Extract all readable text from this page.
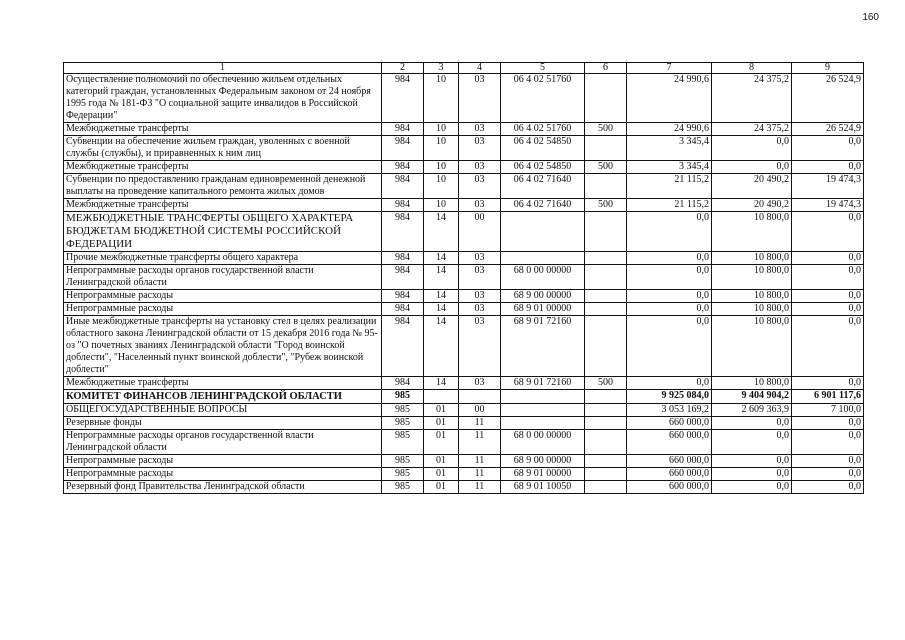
160
1	2	3	4	5	6	7	8	9
Осуществление полномочий по обеспечению жильем отдельных категорий граждан, установленных Федеральным законом от 24 ноября 1995 года № 181-ФЗ "О социальной защите инвалидов в Российской Федерации"	984	10	03	06 4 02 51760		24 990,6	24 375,2	26 524,9
Межбюджетные трансферты	984	10	03	06 4 02 51760	500	24 990,6	24 375,2	26 524,9
Субвенции на обеспечение жильем граждан, уволенных с военной службы (службы), и приравненных к ним лиц	984	10	03	06 4 02 54850		3 345,4	0,0	0,0
Межбюджетные трансферты	984	10	03	06 4 02 54850	500	3 345,4	0,0	0,0
Субвенции по предоставлению гражданам единовременной денежной выплаты на проведение капитального ремонта жилых домов	984	10	03	06 4 02 71640		21 115,2	20 490,2	19 474,3
Межбюджетные трансферты	984	10	03	06 4 02 71640	500	21 115,2	20 490,2	19 474,3
МЕЖБЮДЖЕТНЫЕ ТРАНСФЕРТЫ ОБЩЕГО ХАРАКТЕРА БЮДЖЕТАМ БЮДЖЕТНОЙ СИСТЕМЫ РОССИЙСКОЙ ФЕДЕРАЦИИ	984	14	00			0,0	10 800,0	0,0
Прочие межбюджетные трансферты общего характера	984	14	03			0,0	10 800,0	0,0
Непрограммные расходы органов государственной власти Ленинградской области	984	14	03	68 0 00 00000		0,0	10 800,0	0,0
Непрограммные расходы	984	14	03	68 9 00 00000		0,0	10 800,0	0,0
Непрограммные расходы	984	14	03	68 9 01 00000		0,0	10 800,0	0,0
Иные межбюджетные трансферты на установку стел в целях реализации областного закона Ленинградской области от 15 декабря 2016 года № 95-оз "О почетных званиях Ленинградской области "Город воинской доблести", "Населенный пункт воинской доблести", "Рубеж воинской доблести"	984	14	03	68 9 01 72160		0,0	10 800,0	0,0
Межбюджетные трансферты	984	14	03	68 9 01 72160	500	0,0	10 800,0	0,0
КОМИТЕТ ФИНАНСОВ ЛЕНИНГРАДСКОЙ ОБЛАСТИ	985					9 925 084,0	9 404 904,2	6 901 117,6
ОБЩЕГОСУДАРСТВЕННЫЕ ВОПРОСЫ	985	01	00			3 053 169,2	2 609 363,9	7 100,0
Резервные фонды	985	01	11			660 000,0	0,0	0,0
Непрограммные расходы органов государственной власти Ленинградской области	985	01	11	68 0 00 00000		660 000,0	0,0	0,0
Непрограммные расходы	985	01	11	68 9 00 00000		660 000,0	0,0	0,0
Непрограммные расходы	985	01	11	68 9 01 00000		660 000,0	0,0	0,0
Резервный фонд Правительства Ленинградской области	985	01	11	68 9 01 10050		600 000,0	0,0	0,0
